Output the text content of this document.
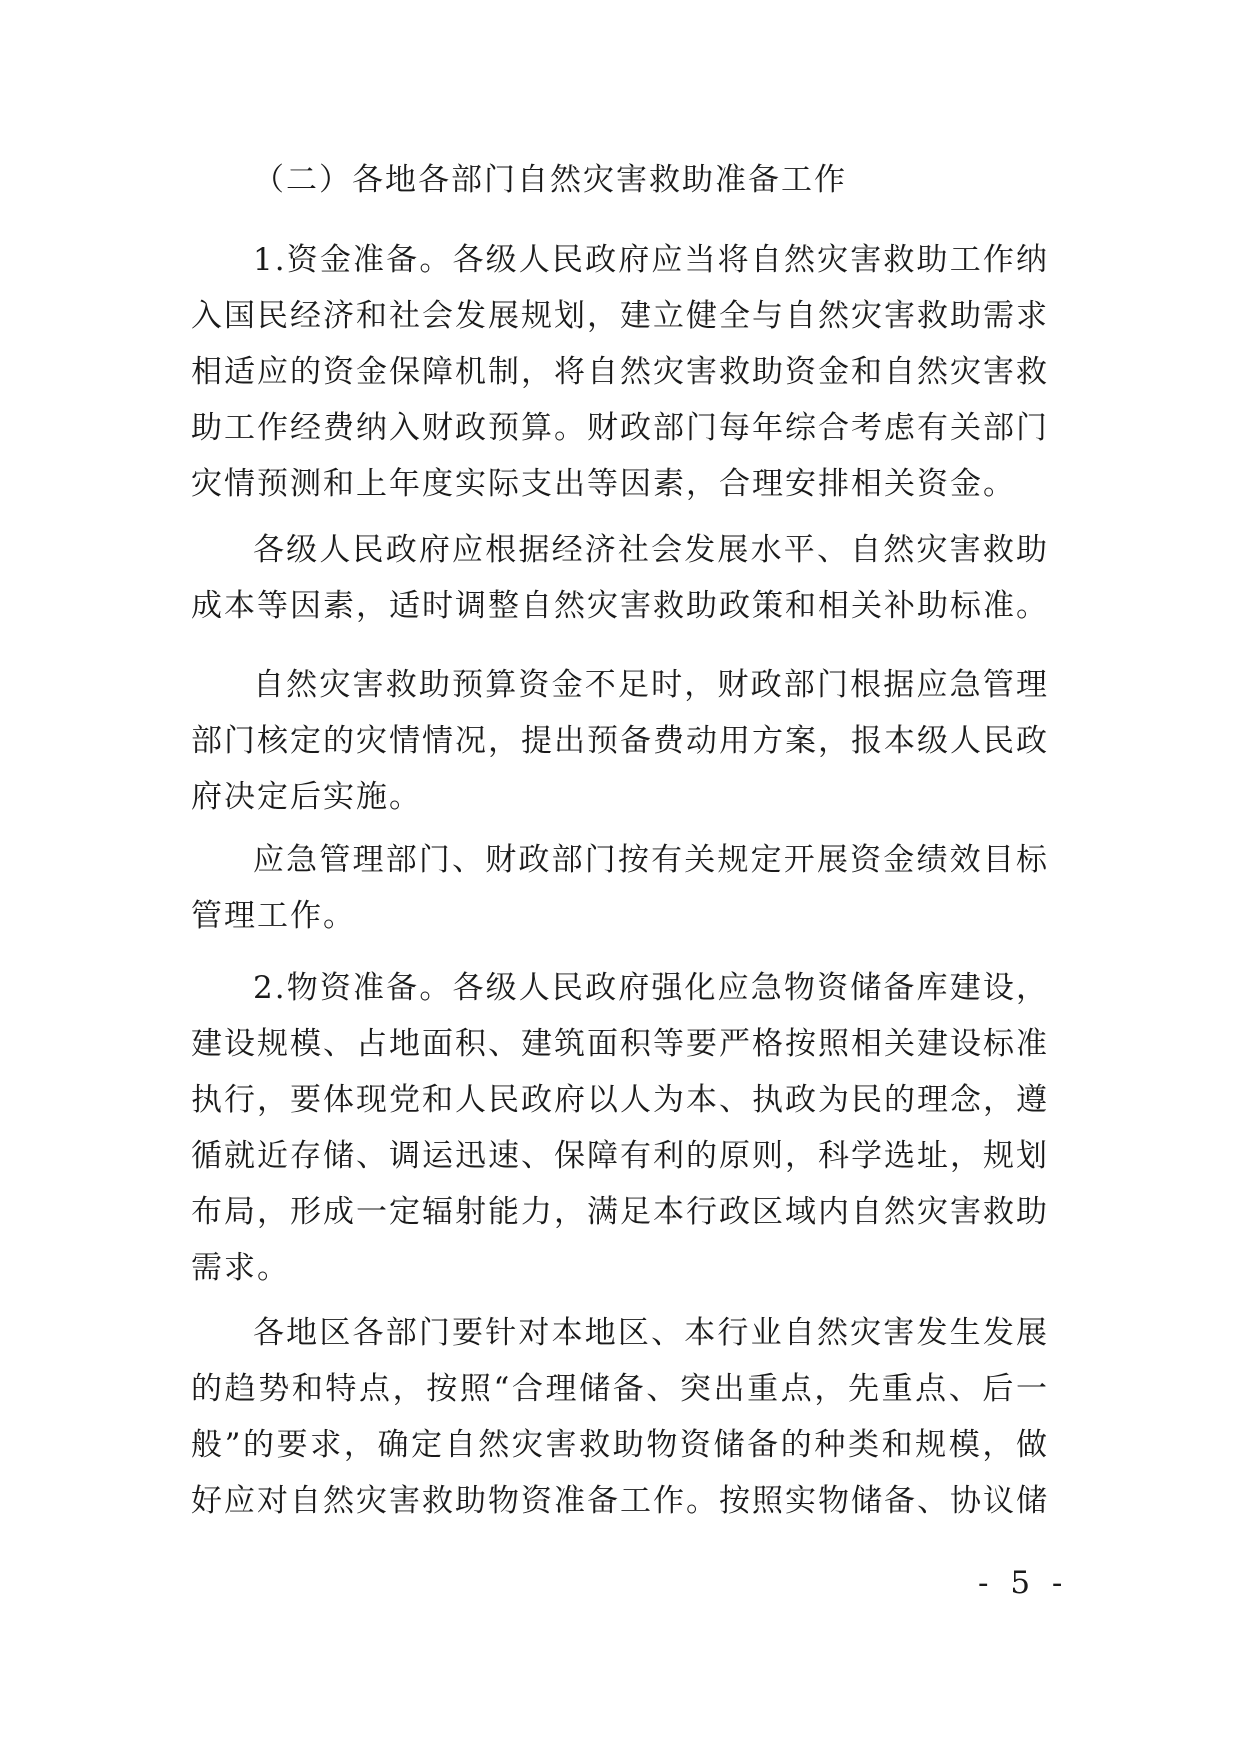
（二）各地各部门自然灾害救助准备工作

1.资金准备。各级人民政府应当将自然灾害救助工作纳入国民经济和社会发展规划，建立健全与自然灾害救助需求相适应的资金保障机制，将自然灾害救助资金和自然灾害救助工作经费纳入财政预算。财政部门每年综合考虑有关部门灾情预测和上年度实际支出等因素，合理安排相关资金。

各级人民政府应根据经济社会发展水平、自然灾害救助成本等因素，适时调整自然灾害救助政策和相关补助标准。

自然灾害救助预算资金不足时，财政部门根据应急管理部门核定的灾情情况，提出预备费动用方案，报本级人民政府决定后实施。

应急管理部门、财政部门按有关规定开展资金绩效目标管理工作。

2.物资准备。各级人民政府强化应急物资储备库建设，建设规模、占地面积、建筑面积等要严格按照相关建设标准执行，要体现党和人民政府以人为本、执政为民的理念，遵循就近存储、调运迅速、保障有利的原则，科学选址，规划布局，形成一定辐射能力，满足本行政区域内自然灾害救助需求。

各地区各部门要针对本地区、本行业自然灾害发生发展的趋势和特点，按照“合理储备、突出重点，先重点、后一般”的要求，确定自然灾害救助物资储备的种类和规模，做好应对自然灾害救助物资准备工作。按照实物储备、协议储

- 5 -
